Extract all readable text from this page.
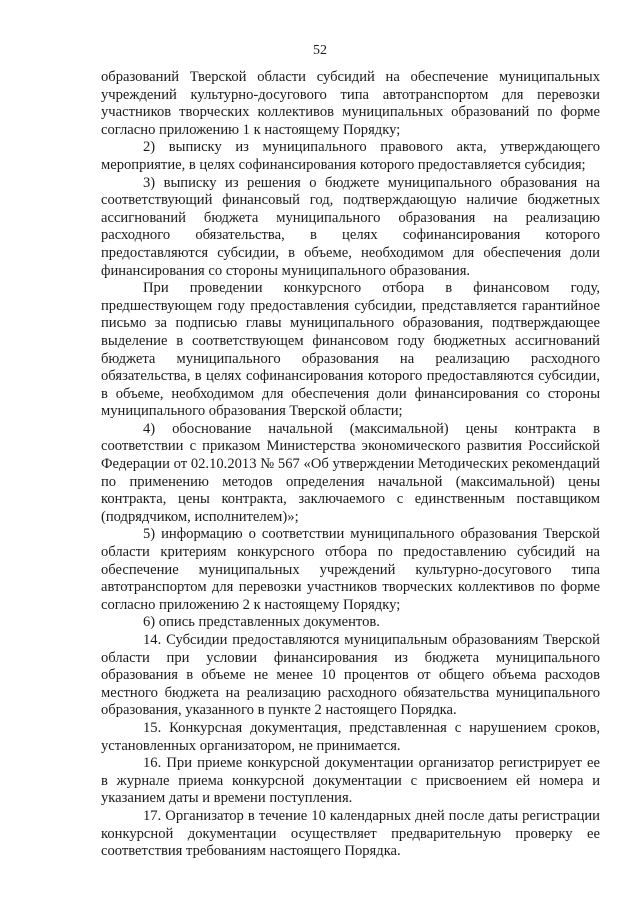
52

образований Тверской области субсидий на обеспечение муниципальных учреждений культурно-досугового типа автотранспортом для перевозки участников творческих коллективов муниципальных образований по форме согласно приложению 1 к настоящему Порядку;

2) выписку из муниципального правового акта, утверждающего мероприятие, в целях софинансирования которого предоставляется субсидия;

3) выписку из решения о бюджете муниципального образования на соответствующий финансовый год, подтверждающую наличие бюджетных ассигнований бюджета муниципального образования на реализацию расходного обязательства, в целях софинансирования которого предоставляются субсидии, в объеме, необходимом для обеспечения доли финансирования со стороны муниципального образования.

При проведении конкурсного отбора в финансовом году, предшествующем году предоставления субсидии, представляется гарантийное письмо за подписью главы муниципального образования, подтверждающее выделение в соответствующем финансовом году бюджетных ассигнований бюджета муниципального образования на реализацию расходного обязательства, в целях софинансирования которого предоставляются субсидии, в объеме, необходимом для обеспечения доли финансирования со стороны муниципального образования Тверской области;

4) обоснование начальной (максимальной) цены контракта в соответствии с приказом Министерства экономического развития Российской Федерации от 02.10.2013 № 567 «Об утверждении Методических рекомендаций по применению методов определения начальной (максимальной) цены контракта, цены контракта, заключаемого с единственным поставщиком (подрядчиком, исполнителем)»;

5) информацию о соответствии муниципального образования Тверской области критериям конкурсного отбора по предоставлению субсидий на обеспечение муниципальных учреждений культурно-досугового типа автотранспортом для перевозки участников творческих коллективов по форме согласно приложению 2 к настоящему Порядку;

6) опись представленных документов.

14. Субсидии предоставляются муниципальным образованиям Тверской области при условии финансирования из бюджета муниципального образования в объеме не менее 10 процентов от общего объема расходов местного бюджета на реализацию расходного обязательства муниципального образования, указанного в пункте 2 настоящего Порядка.

15. Конкурсная документация, представленная с нарушением сроков, установленных организатором, не принимается.

16. При приеме конкурсной документации организатор регистрирует ее в журнале приема конкурсной документации с присвоением ей номера и указанием даты и времени поступления.

17. Организатор в течение 10 календарных дней после даты регистрации конкурсной документации осуществляет предварительную проверку ее соответствия требованиям настоящего Порядка.
